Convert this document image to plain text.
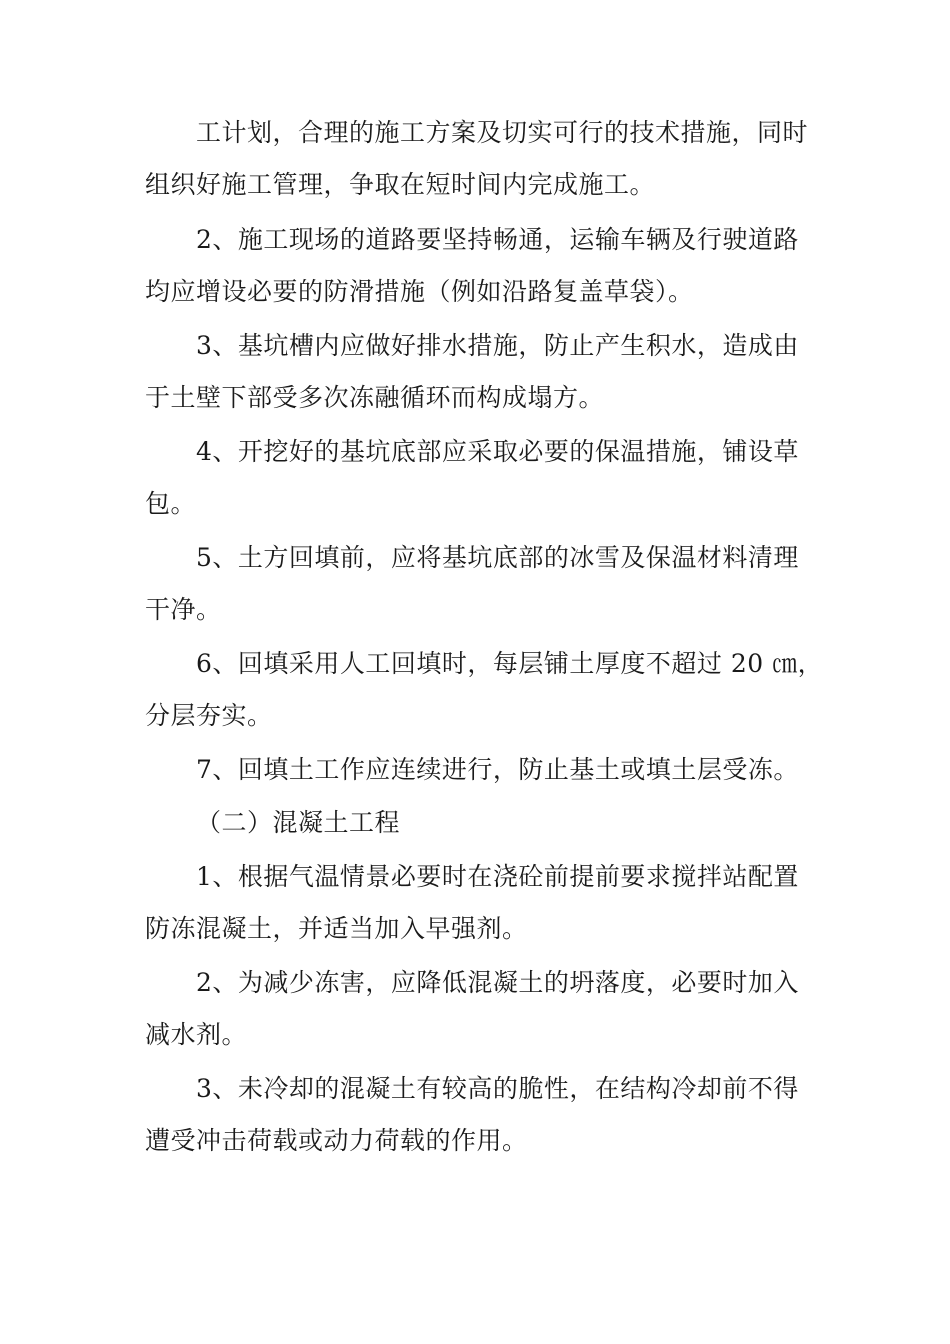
工计划，合理的施工方案及切实可行的技术措施，同时
组织好施工管理，争取在短时间内完成施工。
2、施工现场的道路要坚持畅通，运输车辆及行驶道路
均应增设必要的防滑措施（例如沿路复盖草袋）。
3、基坑槽内应做好排水措施，防止产生积水，造成由
于土壁下部受多次冻融循环而构成塌方。
4、开挖好的基坑底部应采取必要的保温措施，铺设草
包。
5、土方回填前，应将基坑底部的冰雪及保温材料清理
干净。
6、回填采用人工回填时，每层铺土厚度不超过 20 ㎝，
分层夯实。
7、回填土工作应连续进行，防止基土或填土层受冻。
（二）混凝土工程
1、根据气温情景必要时在浇砼前提前要求搅拌站配置
防冻混凝土，并适当加入早强剂。
2、为减少冻害，应降低混凝土的坍落度，必要时加入
减水剂。
3、未冷却的混凝土有较高的脆性，在结构冷却前不得
遭受冲击荷载或动力荷载的作用。
